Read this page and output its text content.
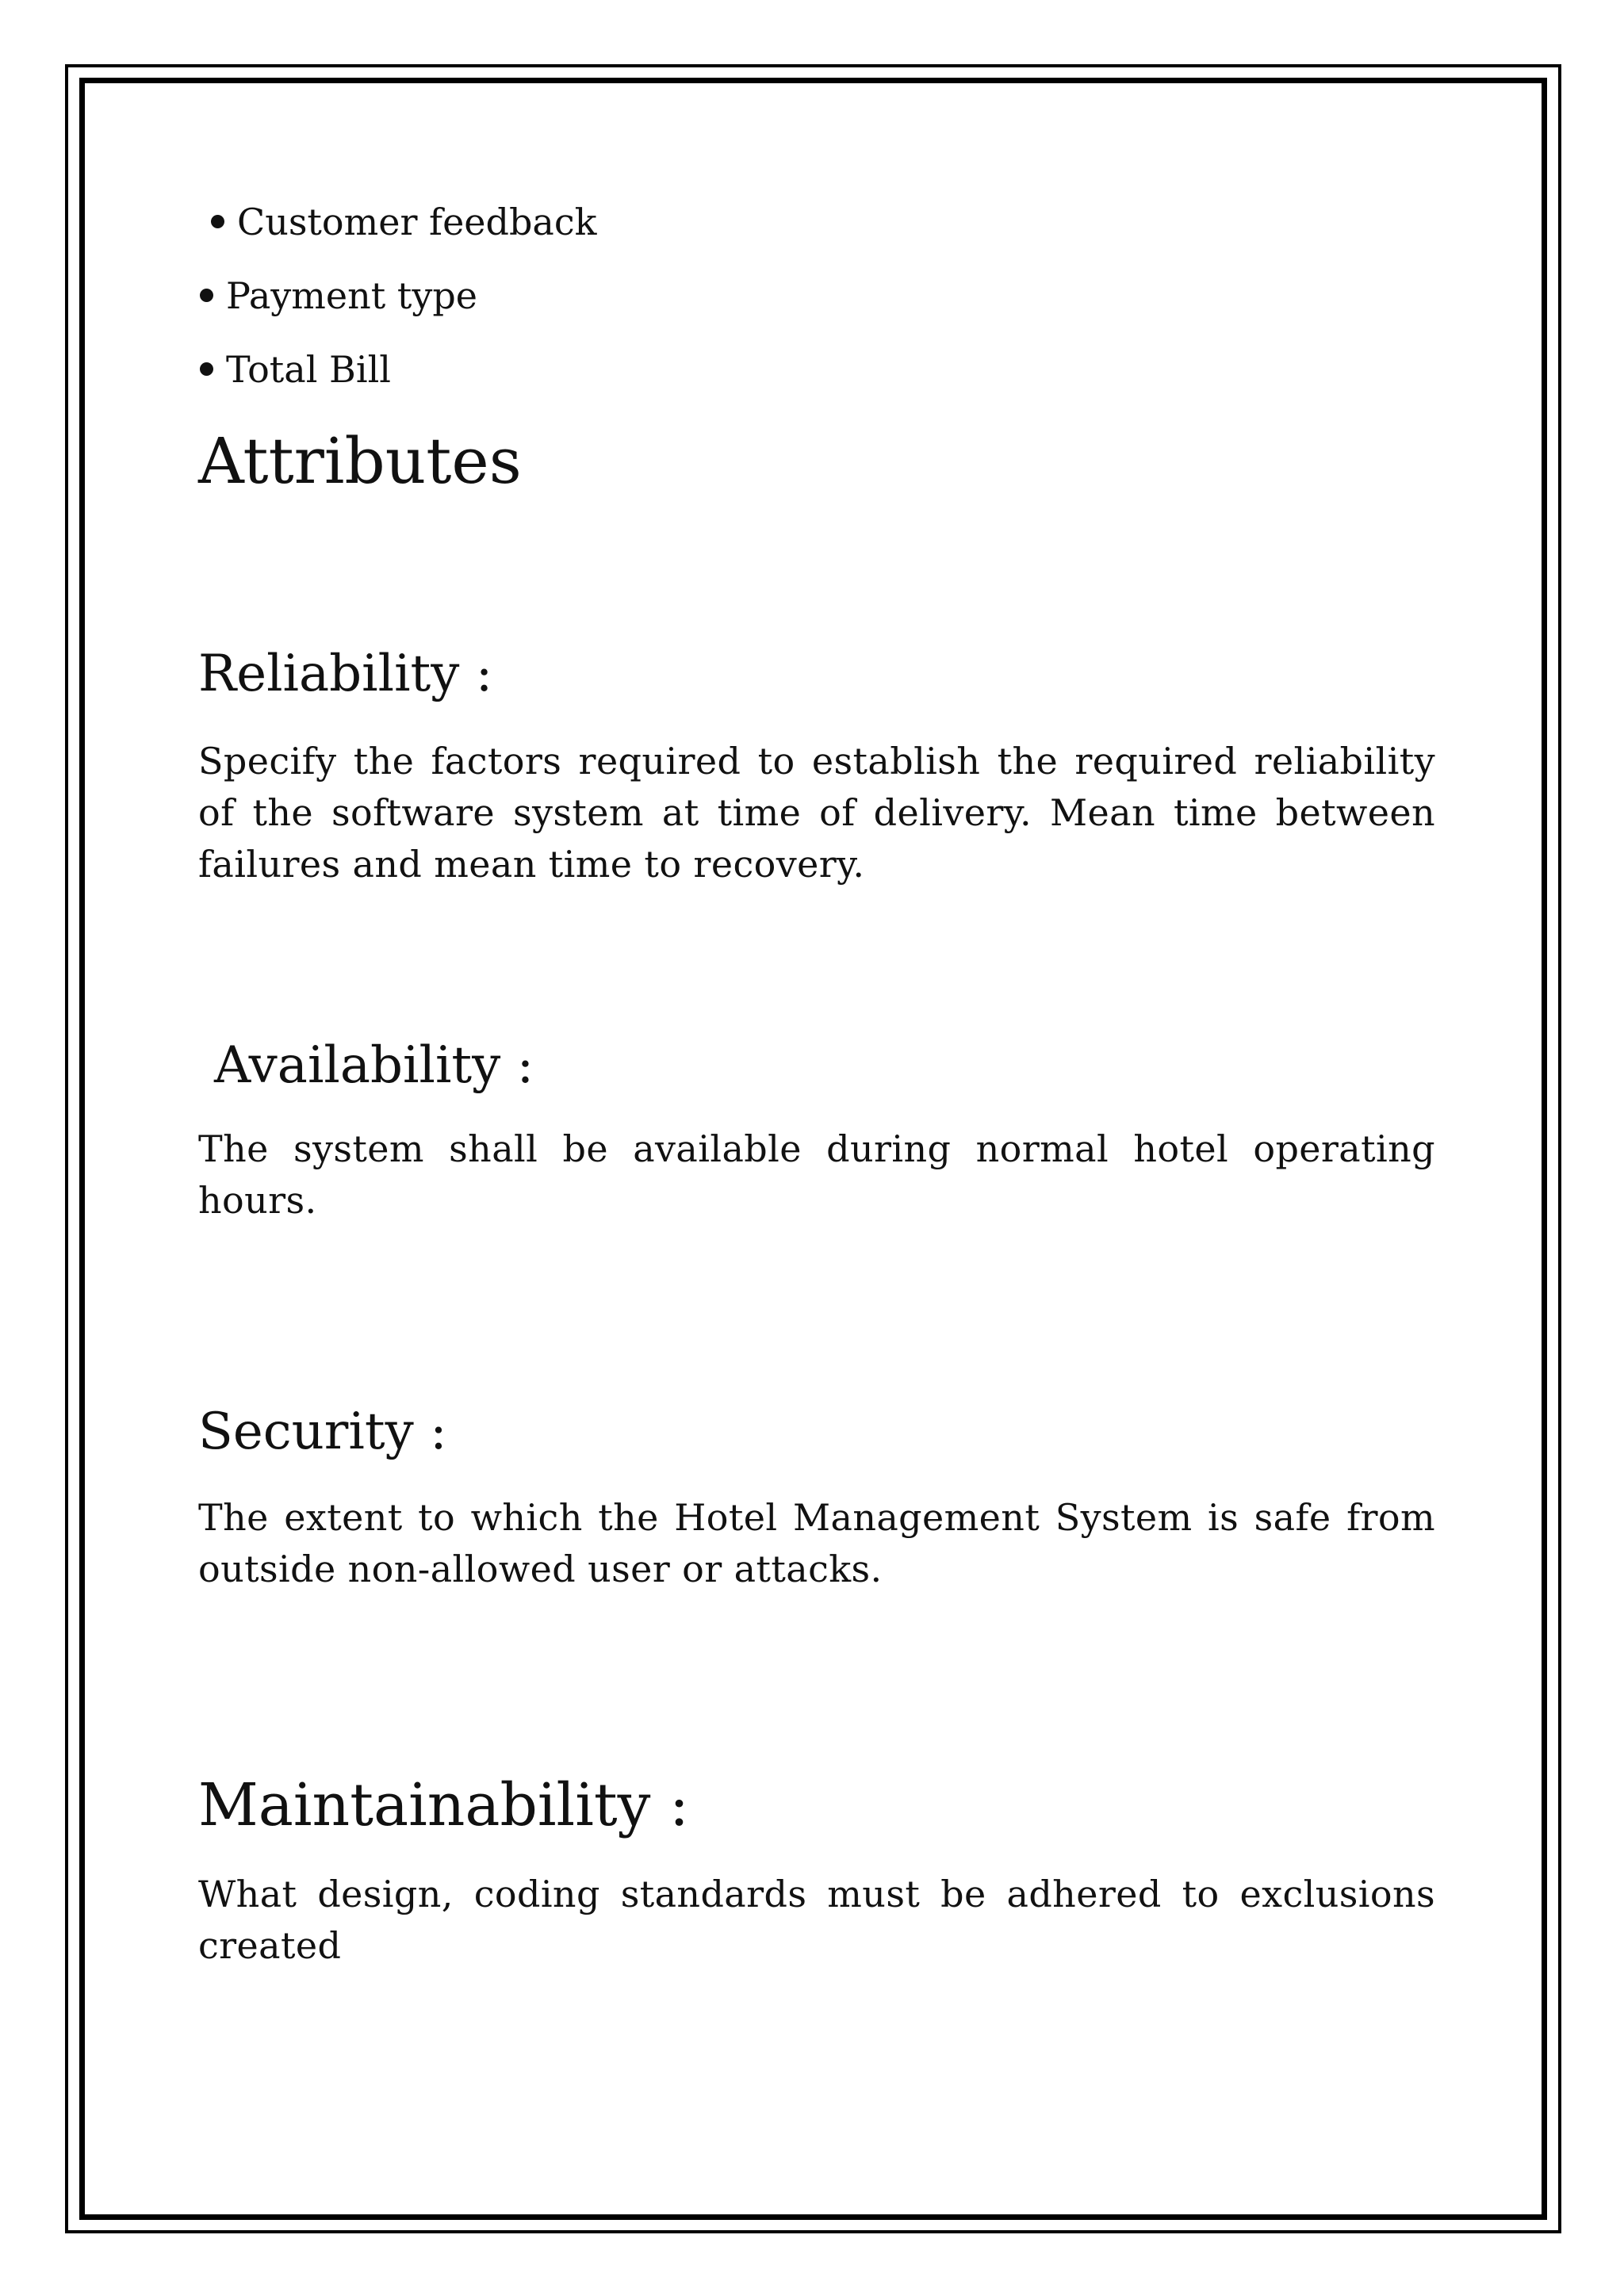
Customer feedback
Payment type
Total Bill
Attributes
Reliability :

Specify the factors required to establish the required reliability of the software system at time of delivery. Mean time between failures and mean time to recovery.

Availability :

The system shall be available during normal hotel operating hours.

Security :

The extent to which the Hotel Management System is safe from outside non-allowed user or attacks.

Maintainability :

What design, coding standards must be adhered to exclusions created
